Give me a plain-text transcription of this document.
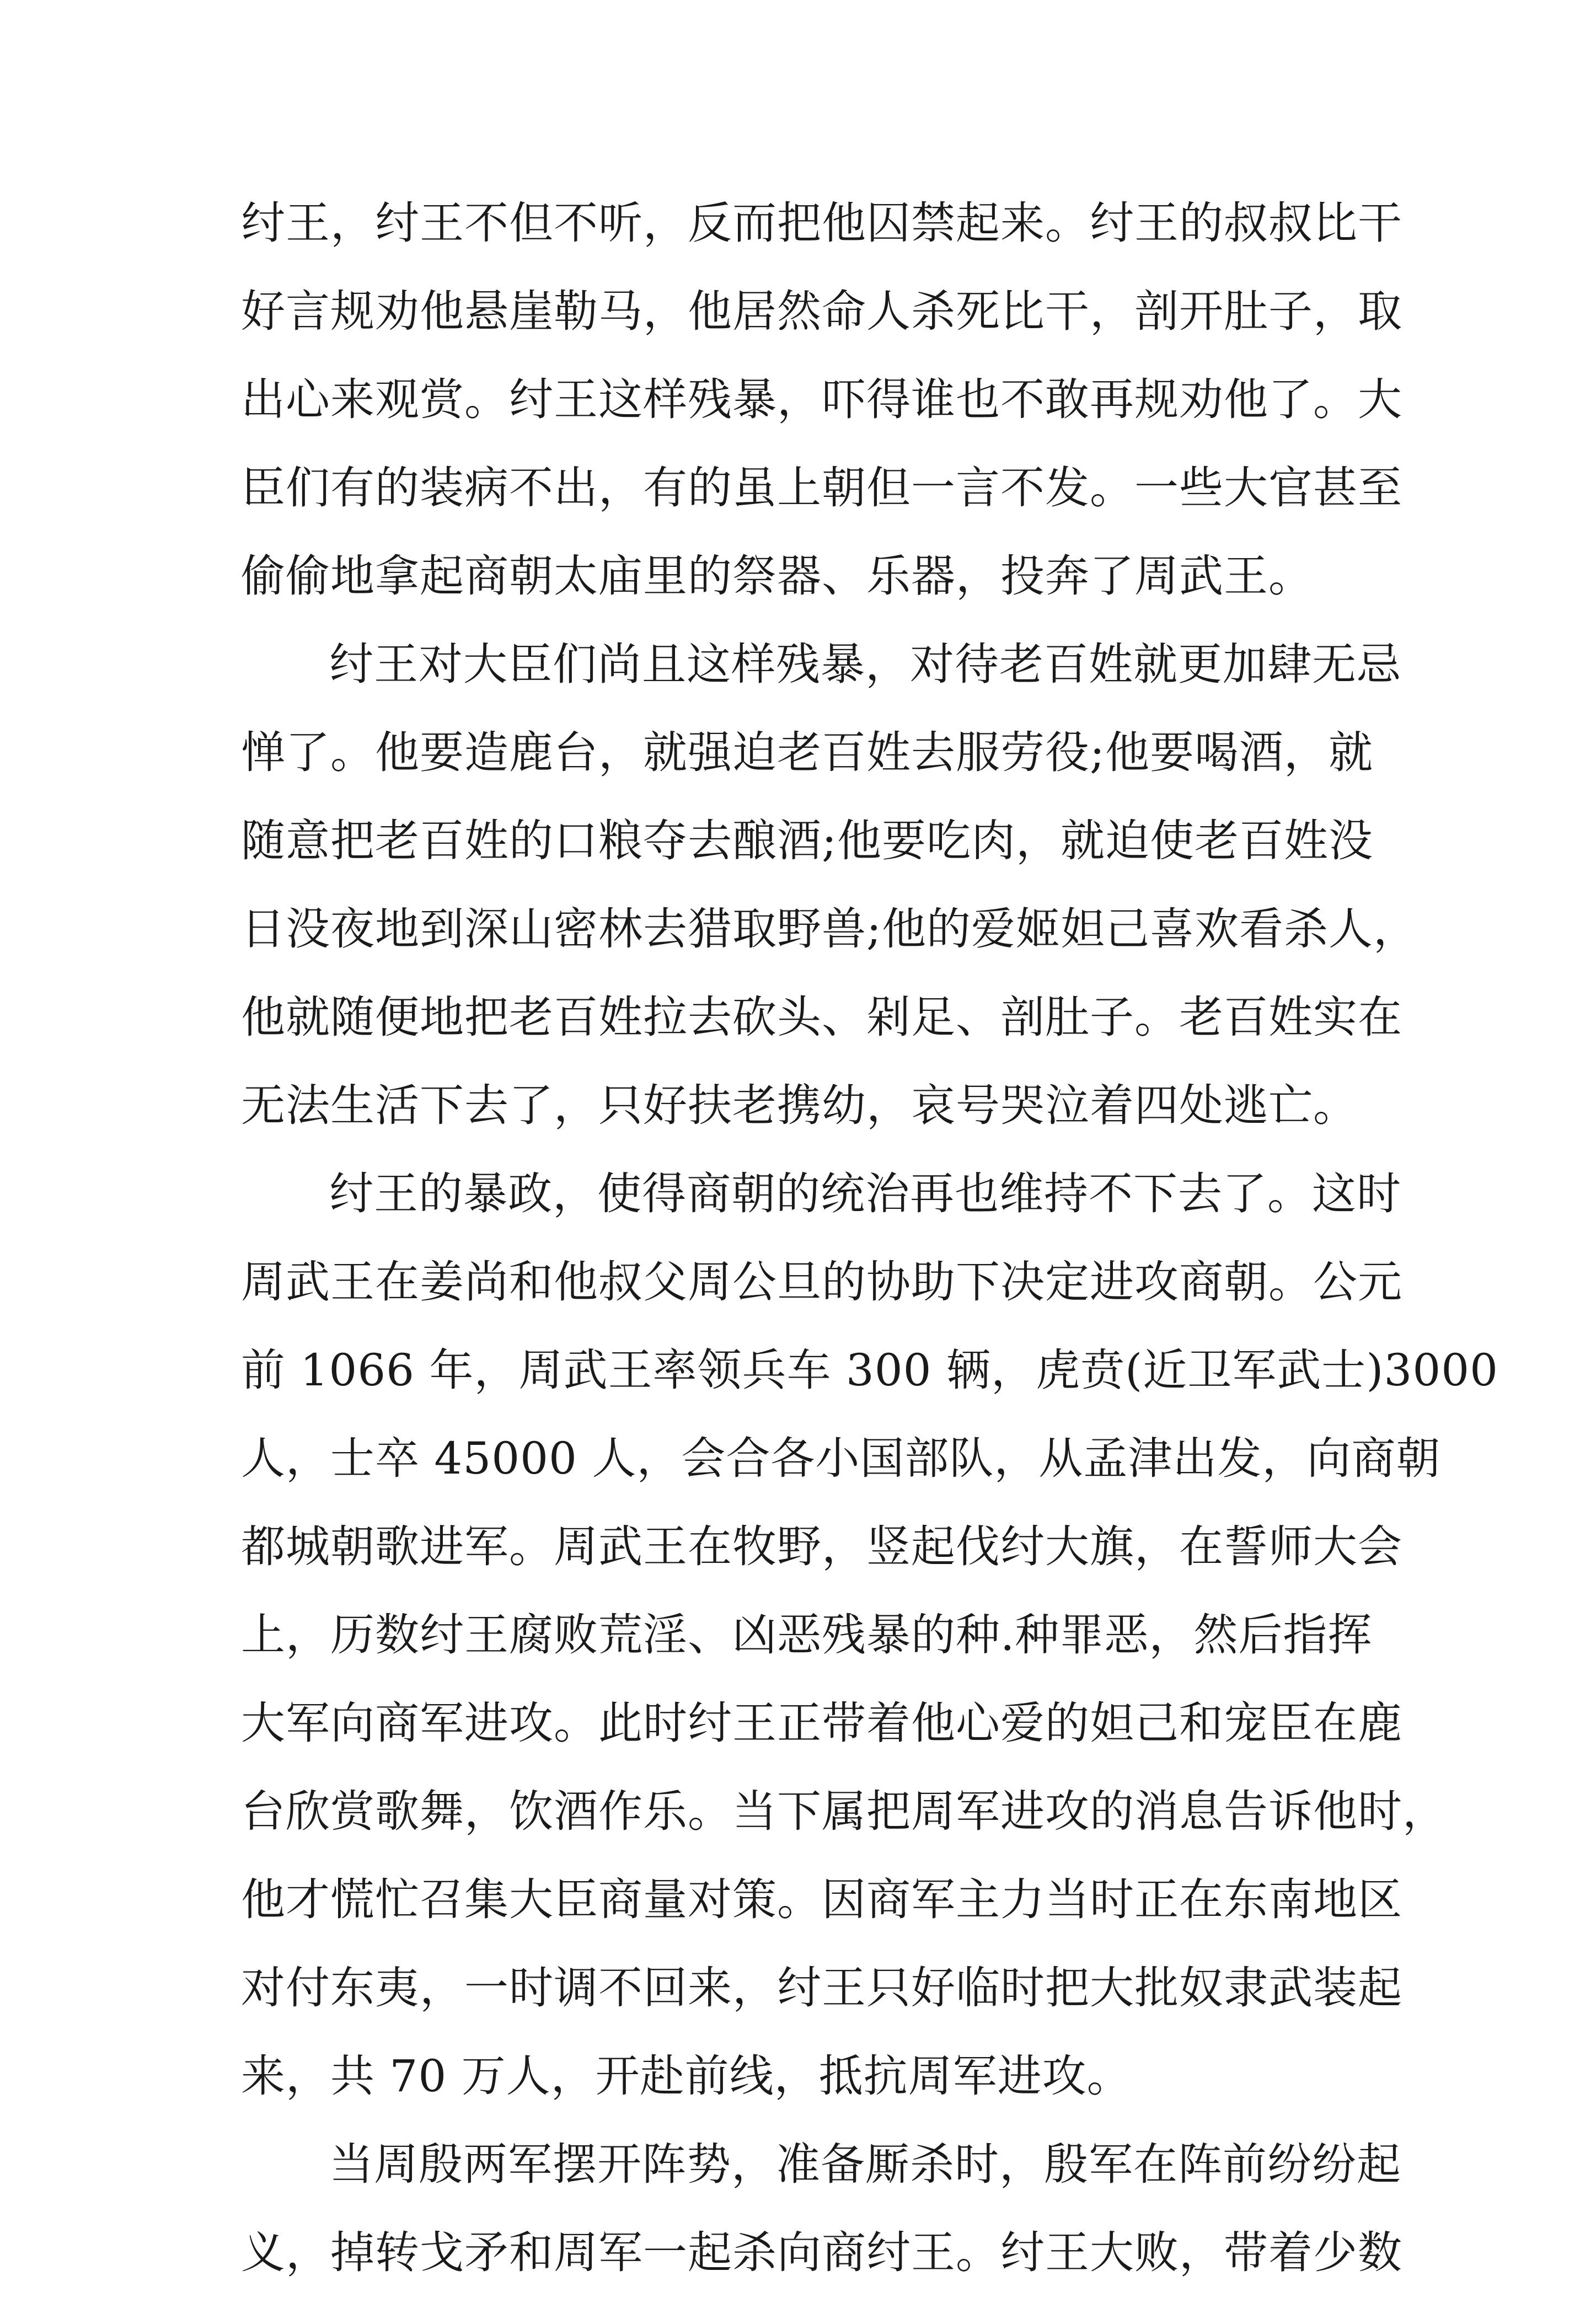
纣王，纣王不但不听，反而把他囚禁起来。纣王的叔叔比干
好言规劝他悬崖勒马，他居然命人杀死比干，剖开肚子，取
出心来观赏。纣王这样残暴，吓得谁也不敢再规劝他了。大
臣们有的装病不出，有的虽上朝但一言不发。一些大官甚至
偷偷地拿起商朝太庙里的祭器、乐器，投奔了周武王。
纣王对大臣们尚且这样残暴，对待老百姓就更加肆无忌
惮了。他要造鹿台，就强迫老百姓去服劳役;他要喝酒，就
随意把老百姓的口粮夺去酿酒;他要吃肉，就迫使老百姓没
日没夜地到深山密林去猎取野兽;他的爱姬妲己喜欢看杀人，
他就随便地把老百姓拉去砍头、剁足、剖肚子。老百姓实在
无法生活下去了，只好扶老携幼，哀号哭泣着四处逃亡。
纣王的暴政，使得商朝的统治再也维持不下去了。这时
周武王在姜尚和他叔父周公旦的协助下决定进攻商朝。公元
前 1066 年，周武王率领兵车 300 辆，虎贲(近卫军武士)3000
人，士卒 45000 人，会合各小国部队，从孟津出发，向商朝
都城朝歌进军。周武王在牧野，竖起伐纣大旗，在誓师大会
上，历数纣王腐败荒淫、凶恶残暴的种.种罪恶，然后指挥
大军向商军进攻。此时纣王正带着他心爱的妲己和宠臣在鹿
台欣赏歌舞，饮酒作乐。当下属把周军进攻的消息告诉他时，
他才慌忙召集大臣商量对策。因商军主力当时正在东南地区
对付东夷，一时调不回来，纣王只好临时把大批奴隶武装起
来，共 70 万人，开赴前线，抵抗周军进攻。
当周殷两军摆开阵势，准备厮杀时，殷军在阵前纷纷起
义，掉转戈矛和周军一起杀向商纣王。纣王大败，带着少数
